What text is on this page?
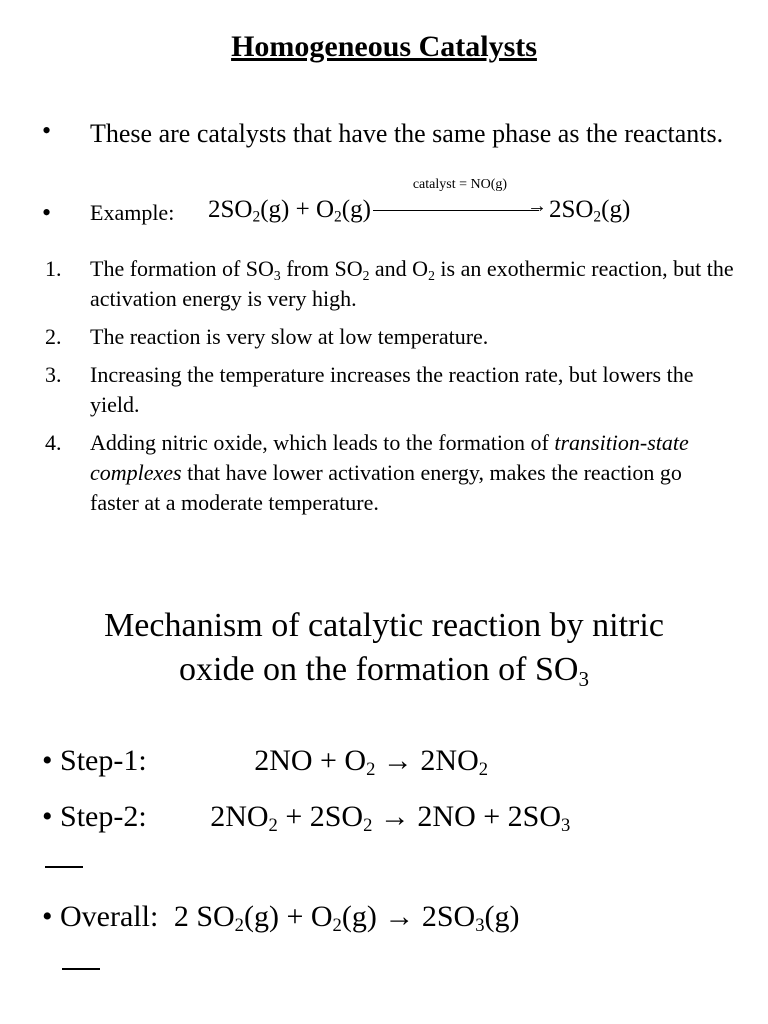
Homogeneous Catalysts
• These are catalysts that have the same phase as the reactants.
• Example: $2SO_2(g) + O_2(g)$
catalyst = NO(g)
→ $2SO_2(g)$
1. The formation of $SO_3$ from $SO_2$ and $O_2$ is an exothermic reaction, but the activation energy is very high.
2. The reaction is very slow at low temperature.
3. Increasing the temperature increases the reaction rate, but lowers the yield.
4. Adding nitric oxide, which leads to the formation of transition-state complexes that have lower activation energy, makes the reaction go faster at a moderate temperature.
Mechanism of catalytic reaction by nitric
oxide on the formation of $SO_3$
• Step-1:	$2NO + O_2 \to 2NO_2$
• Step-2: $2NO_2 + 2SO_2 \to 2NO + 2SO_3$
• Overall: 2 $SO_2(g) + O_2(g) \to 2SO_3(g)$
